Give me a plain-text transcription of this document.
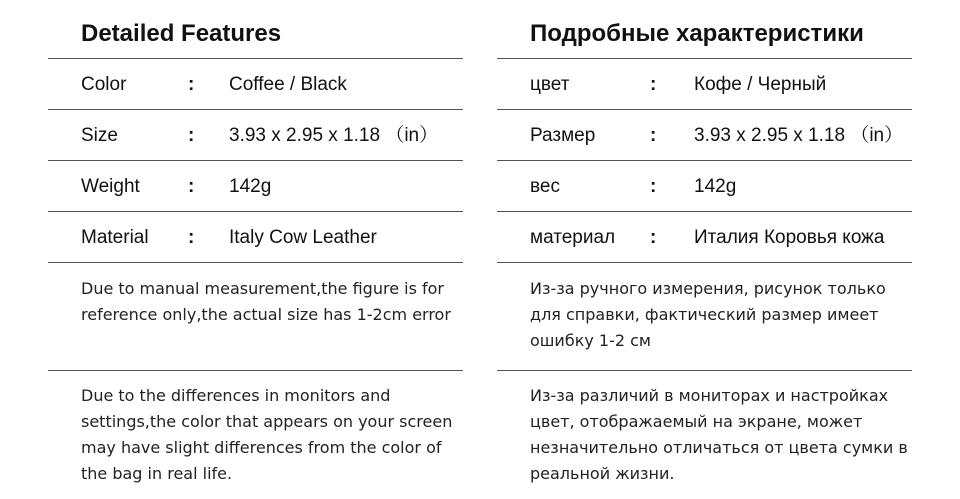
Detailed Features
Color	: Coffee / Black
Size	: 3.93 x 2.95 x 1.18 （in）
Weight	: 142g
Material : Italy Cow Leather
Due to manual measurement,the figure is for reference only,the actual size has 1-2cm error
Due to the differences in monitors and settings,the color that appears on your screen may have slight differences from the color of the bag in real life.
Подробные характеристики
цвет	: Кофе / Черный
Размер	: 3.93 x 2.95 x 1.18 （in）
вес	: 142g
материал : Италия Коровья кожа
Из-за ручного измерения, рисунок только для справки, фактический размер имеет ошибку 1-2 см
Из-за различий в мониторах и настройках цвет, отображаемый на экране, может незначительно отличаться от цвета сумки в реальной жизни.
